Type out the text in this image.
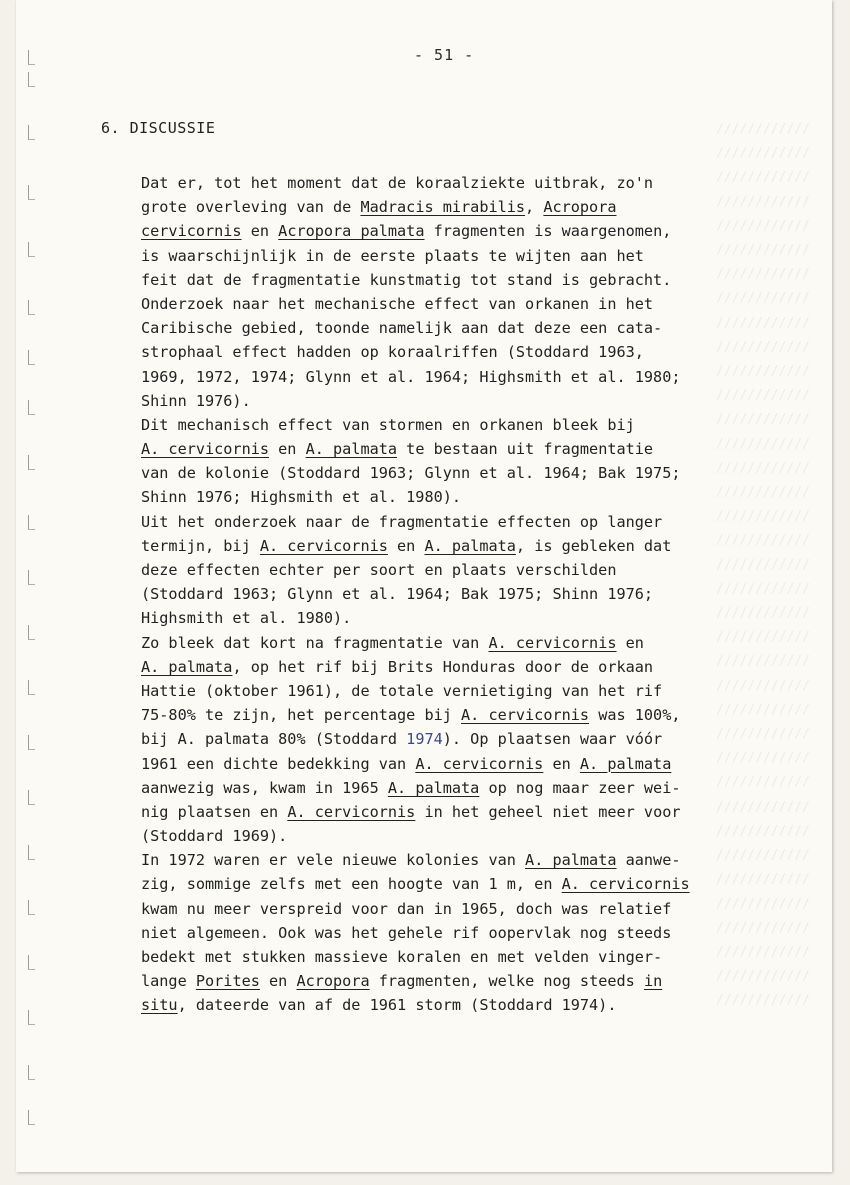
////////////
////////////
////////////
////////////
////////////
////////////
////////////
////////////
////////////
////////////
////////////
////////////
////////////
////////////
////////////
////////////
////////////
////////////
////////////
////////////
////////////
////////////
////////////
////////////
////////////
////////////
////////////
////////////
////////////
////////////
////////////
////////////
////////////
////////////
////////////
////////////
////////////
- 51 -
6. DISCUSSIE
Dat er, tot het moment dat de koraalziekte uitbrak, zo'n
grote overleving van de Madracis mirabilis, Acropora
cervicornis en Acropora palmata fragmenten is waargenomen,
is waarschijnlijk in de eerste plaats te wijten aan het
feit dat de fragmentatie kunstmatig tot stand is gebracht.
Onderzoek naar het mechanische effect van orkanen in het
Caribische gebied, toonde namelijk aan dat deze een cata-
strophaal effect hadden op koraalriffen (Stoddard 1963,
1969, 1972, 1974; Glynn et al. 1964; Highsmith et al. 1980;
Shinn 1976).
Dit mechanisch effect van stormen en orkanen bleek bij
A. cervicornis en A. palmata te bestaan uit fragmentatie
van de kolonie (Stoddard 1963; Glynn et al. 1964; Bak 1975;
Shinn 1976; Highsmith et al. 1980).
Uit het onderzoek naar de fragmentatie effecten op langer
termijn, bij A. cervicornis en A. palmata, is gebleken dat
deze effecten echter per soort en plaats verschilden
(Stoddard 1963; Glynn et al. 1964; Bak 1975; Shinn 1976;
Highsmith et al. 1980).
Zo bleek dat kort na fragmentatie van A. cervicornis en
A. palmata, op het rif bij Brits Honduras door de orkaan
Hattie (oktober 1961), de totale vernietiging van het rif
75-80% te zijn, het percentage bij A. cervicornis was 100%,
bij A. palmata 80% (Stoddard 1974). Op plaatsen waar vóór
1961 een dichte bedekking van A. cervicornis en A. palmata
aanwezig was, kwam in 1965 A. palmata op nog maar zeer wei-
nig plaatsen en A. cervicornis in het geheel niet meer voor
(Stoddard 1969).
In 1972 waren er vele nieuwe kolonies van A. palmata aanwe-
zig, sommige zelfs met een hoogte van 1 m, en A. cervicornis
kwam nu meer verspreid voor dan in 1965, doch was relatief
niet algemeen. Ook was het gehele rif oopervlak nog steeds
bedekt met stukken massieve koralen en met velden vinger-
lange Porites en Acropora fragmenten, welke nog steeds in
situ, dateerde van af de 1961 storm (Stoddard 1974).
